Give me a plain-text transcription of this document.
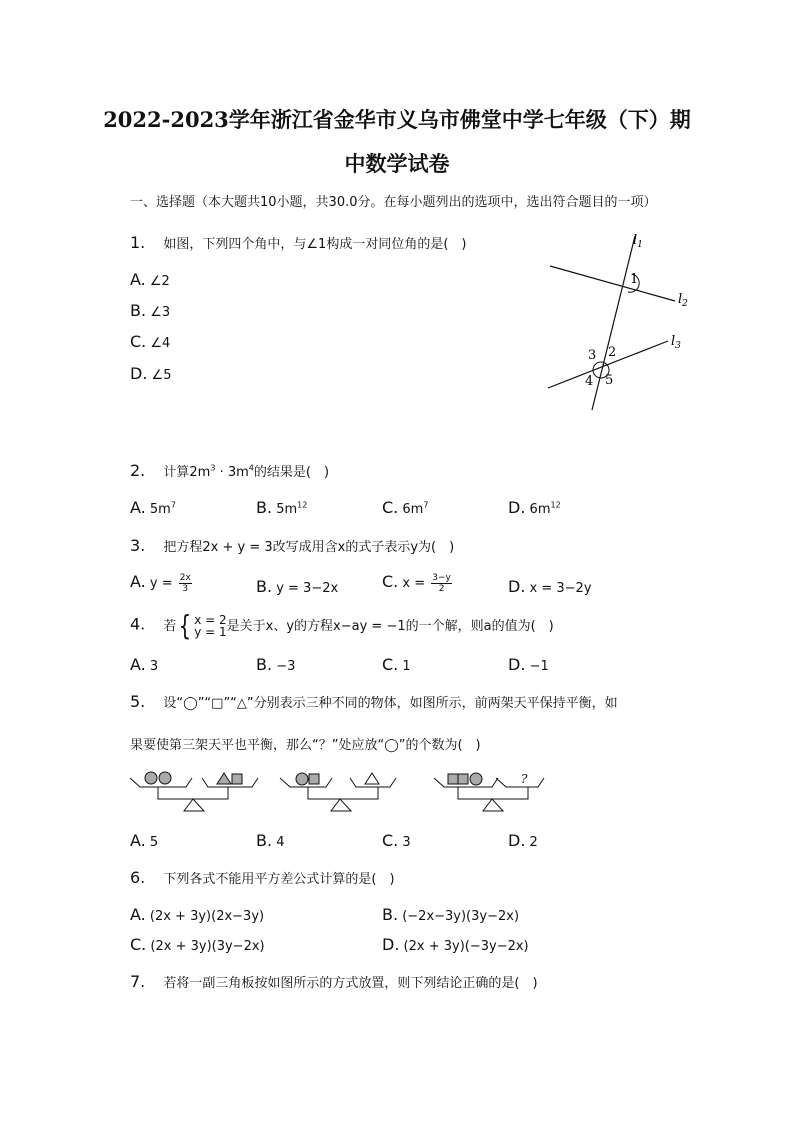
2022-2023学年浙江省金华市义乌市佛堂中学七年级（下）期
中数学试卷
一、选择题（本大题共10小题，共30.0分。在每小题列出的选项中，选出符合题目的一项）
1. 如图，下列四个角中，与∠1构成一对同位角的是(　)
A. ∠2
B. ∠3
C. ∠4
D. ∠5
$l_1$
$l_2$
$l_3$
1
2
3
4 5
2. 计算$2m^3 \cdot 3m^4$的结果是(　)
A. $5m^7$	B. $5m^{12}$	C. $6m^7$	D. $6m^{12}$
3. 把方程2x + y = 3改写成用含x的式子表示y为(　)
A. $y = \frac{2x}{3}$	B. y = 3−2x	C. $x = \frac{3-y}{2}$	D. x = 3−2y
4. 若{ x = 2
y = 1是关于x、y的方程x−ay = −1的一个解，则a的值为(　)
A. 3	B. −3	C. 1	D. −1
5. 设“◯”“□”“△”分别表示三种不同的物体，如图所示，前两架天平保持平衡，如
果要使第三架天平也平衡，那么“？”处应放“◯”的个数为(　)
?
A. 5	B. 4	C. 3	D. 2
6. 下列各式不能用平方差公式计算的是(　)
A. (2x + 3y)(2x−3y)	B. (−2x−3y)(3y−2x)
C. (2x + 3y)(3y−2x)	D. (2x + 3y)(−3y−2x)
7. 若将一副三角板按如图所示的方式放置，则下列结论正确的是(　)
